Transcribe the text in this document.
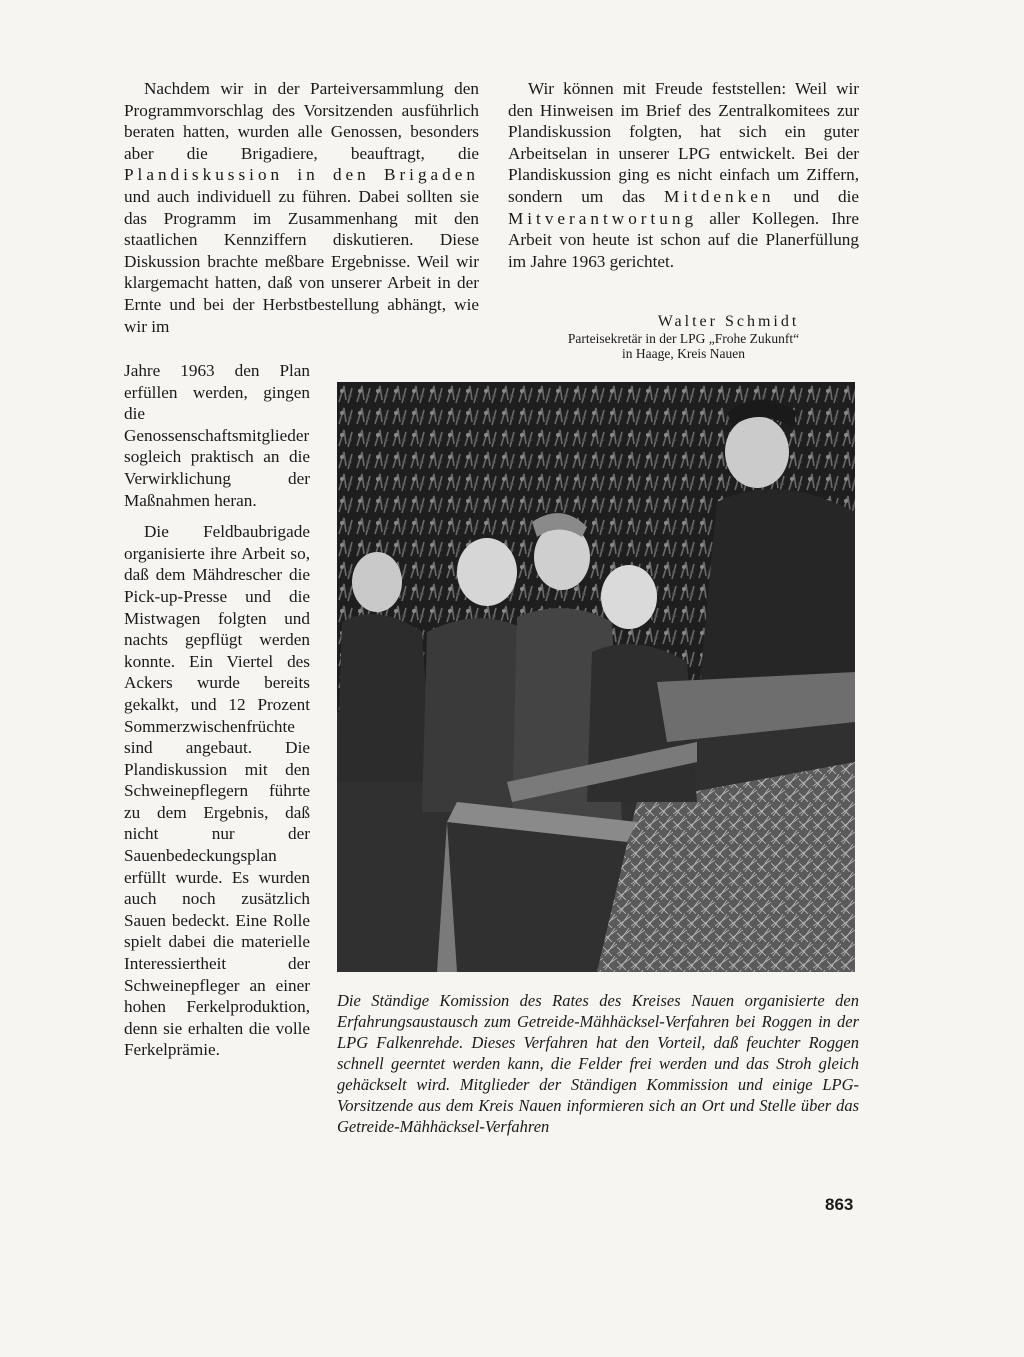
Nachdem wir in der Parteiversammlung den Programmvorschlag des Vorsitzenden ausführlich beraten hatten, wurden alle Genossen, besonders aber die Brigadiere, beauftragt, die Plandiskussion in den Brigaden und auch individuell zu führen. Dabei sollten sie das Programm im Zusammenhang mit den staatlichen Kennziffern diskutieren. Diese Diskussion brachte meßbare Ergebnisse. Weil wir klargemacht hatten, daß von unserer Arbeit in der Ernte und bei der Herbstbestellung abhängt, wie wir im

Jahre 1963 den Plan erfüllen werden, gingen die Genossenschaftsmitglieder sogleich praktisch an die Verwirklichung der Maßnahmen heran.

Die Feldbaubrigade organisierte ihre Arbeit so, daß dem Mähdrescher die Pick-up-Presse und die Mistwagen folgten und nachts gepflügt werden konnte. Ein Viertel des Ackers wurde bereits gekalkt, und 12 Prozent Sommerzwischenfrüchte sind angebaut. Die Plandiskussion mit den Schweinepflegern führte zu dem Ergebnis, daß nicht nur der Sauenbedeckungsplan erfüllt wurde. Es wurden auch noch zusätzlich Sauen bedeckt. Eine Rolle spielt dabei die materielle Interessiertheit der Schweinepfleger an einer hohen Ferkelproduktion, denn sie erhalten die volle Ferkelprämie.

Wir können mit Freude feststellen: Weil wir den Hinweisen im Brief des Zentralkomitees zur Plandiskussion folgten, hat sich ein guter Arbeitselan in unserer LPG entwickelt. Bei der Plandiskussion ging es nicht einfach um Ziffern, sondern um das Mitdenken und die Mitverantwortung aller Kollegen. Ihre Arbeit von heute ist schon auf die Planerfüllung im Jahre 1963 gerichtet.

Walter Schmidt

Parteisekretär in der LPG „Frohe Zukunft“

in Haage, Kreis Nauen

Die Ständige Komission des Rates des Kreises Nauen organisierte den Erfahrungsaustausch zum Getreide-Mähhäcksel-Verfahren bei Roggen in der LPG Falkenrehde. Dieses Verfahren hat den Vorteil, daß feuchter Roggen schnell geerntet werden kann, die Felder frei werden und das Stroh gleich gehäckselt wird. Mitglieder der Ständigen Kommission und einige LPG-Vorsitzende aus dem Kreis Nauen informieren sich an Ort und Stelle über das Getreide-Mähhäcksel-Verfahren

863
